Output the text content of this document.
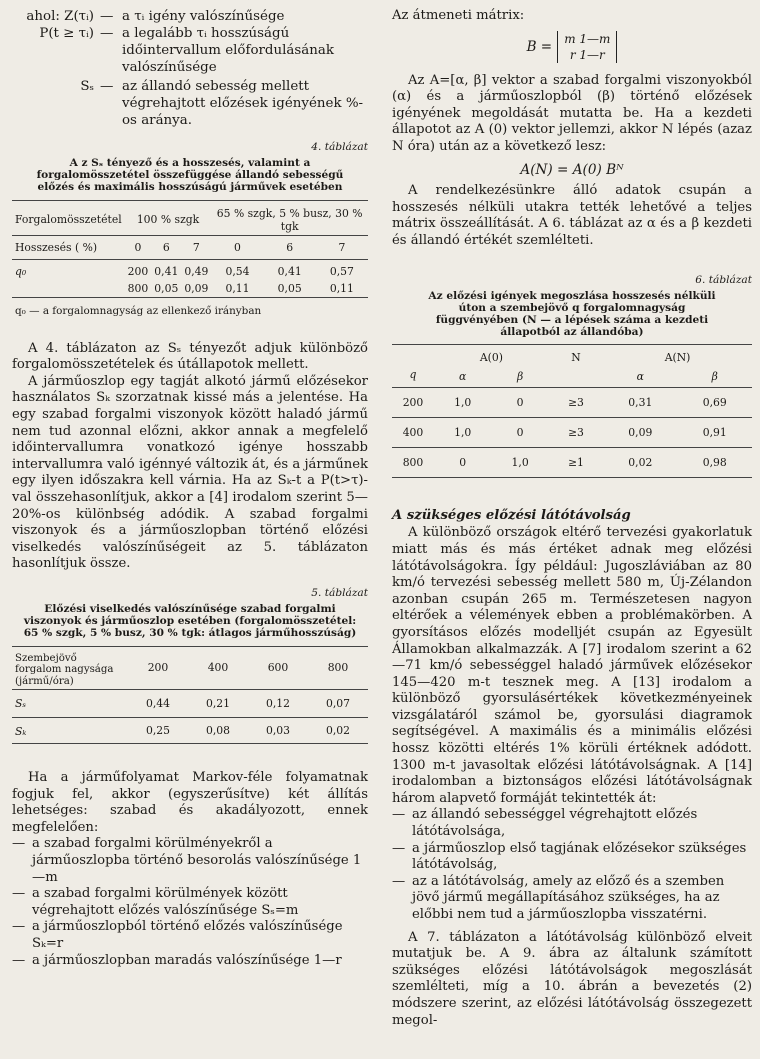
ahol: Z(τᵢ) — a τᵢ igény valószínűsége
P(t ≥ τᵢ) — a legalább τᵢ hosszúságú időintervallum előfordulásának valószínűsége
Sₛ — az állandó sebesség mellett végrehajtott előzések igényének %-os aránya.
4. táblázat
A z Sₛ tényező és a hosszesés, valamint a forgalomösszetétel összefüggése állandó sebességű előzés és maximális hosszúságú járművek esetében
Forgalomösszetétel	100 % szgk			65 % szgk, 5 % busz, 30 % tgk		
Hosszesés ( %)	0	6	7	0	6	7
q₀	200	0,41	0,49	0,54	0,41	0,57
	800	0,05	0,09	0,11	0,05	0,11
q₀ — a forgalomnagyság az ellenkező irányban						

A 4. táblázaton az Sₛ tényezőt adjuk különböző forgalomösszetételek és útállapotok mellett.

A járműoszlop egy tagját alkotó jármű előzésekor használatos Sₖ szorzatnak kissé más a jelentése. Ha egy szabad forgalmi viszonyok között haladó jármű nem tud azonnal előzni, akkor annak a megfelelő időintervallumra vonatkozó igénye hosszabb intervallumra való igénnyé változik át, és a járműnek egy ilyen időszakra kell várnia. Ha az Sₖ-t a P(t>τ)-val összehasonlítjuk, akkor a [4] irodalom szerint 5—20%-os különbség adódik. A szabad forgalmi viszonyok és a járműoszlopban történő előzési viselkedés valószínűségeit az 5. táblázaton hasonlítjuk össze.

5. táblázat
Előzési viselkedés valószínűsége szabad forgalmi viszonyok és járműoszlop esetében (forgalomösszetétel: 65 % szgk, 5 % busz, 30 % tgk: átlagos járműhosszúság)
Szembejövő forgalom nagysága (jármű/óra)	200	400	600	800
Sₛ	0,44	0,21	0,12	0,07
Sₖ	0,25	0,08	0,03	0,02

Ha a járműfolyamat Markov-féle folyamatnak fogjuk fel, akkor (egyszerűsítve) két állítás lehetséges: szabad és akadályozott, ennek megfelelően:

— a szabad forgalmi körülményekről a járműoszlopba történő besorolás valószínűsége 1—m
— a szabad forgalmi körülmények között végrehajtott előzés valószínűsége Sₛ=m
— a járműoszlopból történő előzés valószínűsége Sₖ=r
— a járműoszlopban maradás valószínűsége 1—r

Az átmeneti mátrix:

B = m 1—m
r 1—r

Az A=[α, β] vektor a szabad forgalmi viszonyokból (α) és a járműoszlopból (β) történő előzések igényének megoldását mutatta be. Ha a kezdeti állapotot az A (0) vektor jellemzi, akkor N lépés (azaz N óra) után az a következő lesz:

A(N) = A(0) Bᴺ

A rendelkezésünkre álló adatok csupán a hosszesés nélküli utakra tették lehetővé a teljes mátrix összeállítását. A 6. táblázat az α és a β kezdeti és állandó értékét szemlélteti.

6. táblázat
Az előzési igények megoszlása hosszesés nélküli úton a szembejövő q forgalomnagyság függvényében (N — a lépések száma a kezdeti állapotból az állandóba)
	A(0)		N	A(N)	
q	α	β		α	β
200	1,0	0	≥3	0,31	0,69
400	1,0	0	≥3	0,09	0,91
800	0	1,0	≥1	0,02	0,98

A szükséges előzési látótávolság

A különböző országok eltérő tervezési gyakorlatuk miatt más és más értéket adnak meg előzési látótávolságokra. Így például: Jugoszláviában az 80 km/ó tervezési sebesség mellett 580 m, Új-Zélandon azonban csupán 265 m. Természetesen nagyon eltérőek a vélemények ebben a problémakörben. A gyorsításos előzés modelljét csupán az Egyesült Államokban alkalmazzák. A [7] irodalom szerint a 62—71 km/ó sebességgel haladó járművek előzésekor 145—420 m-t tesznek meg. A [13] irodalom a különböző gyorsulásértékek következményeinek vizsgálatáról számol be, gyorsulási diagramok segítségével. A maximális és a minimális előzési hossz közötti eltérés 1% körüli értéknek adódott. 1300 m-t javasoltak előzési látótávolságnak. A [14] irodalomban a biztonságos előzési látótávolságnak három alapvető formáját tekintették át:

— az állandó sebességgel végrehajtott előzés látótávolsága,
— a járműoszlop első tagjának előzésekor szükséges látótávolság,
— az a látótávolság, amely az előző és a szemben jövő jármű megállapításához szükséges, ha az előbbi nem tud a járműoszlopba visszatérni.

A 7. táblázaton a látótávolság különböző elveit mutatjuk be. A 9. ábra az általunk számított szükséges előzési látótávolságok megoszlását szemlélteti, míg a 10. ábrán a bevezetés (2) módszere szerint, az előzési látótávolság összegezett megol-
